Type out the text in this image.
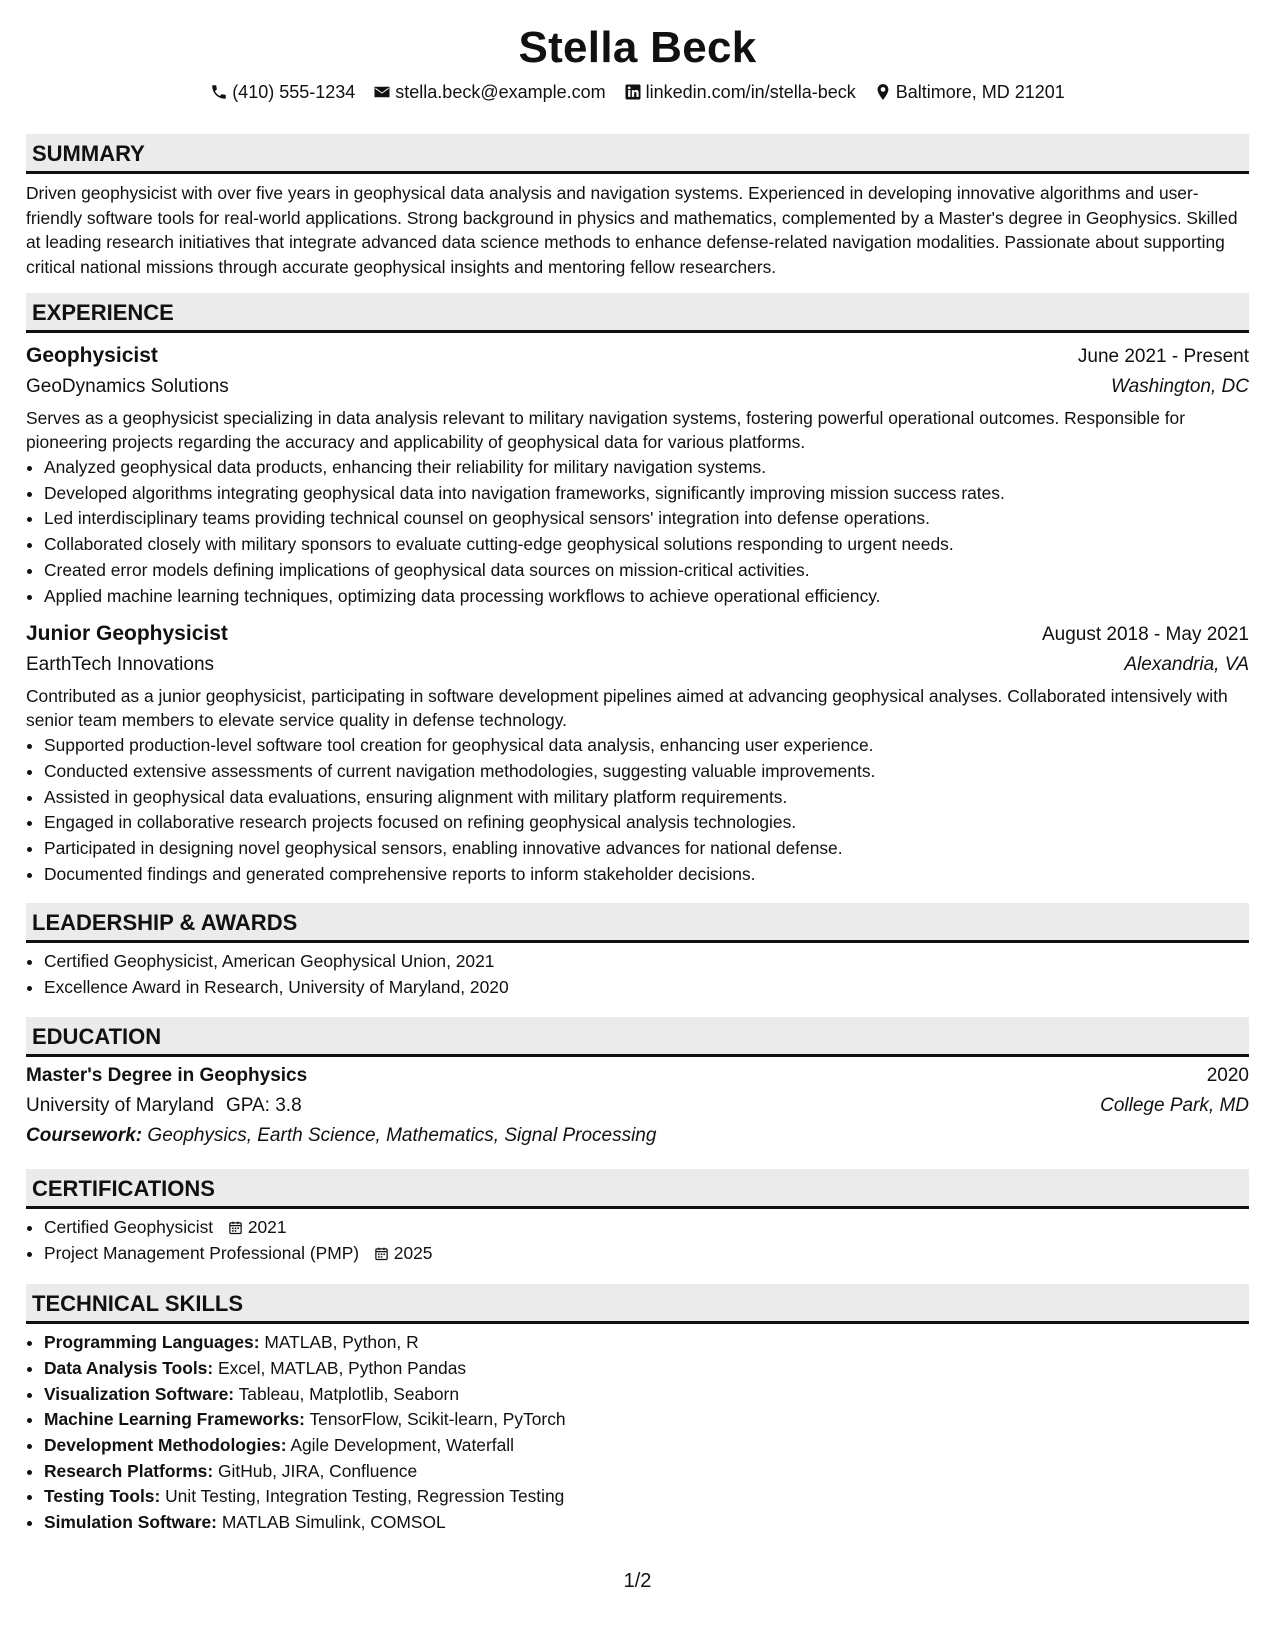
Stella Beck
(410) 555-1234 stella.beck@example.com linkedin.com/in/stella-beck Baltimore, MD 21201
SUMMARY
Driven geophysicist with over five years in geophysical data analysis and navigation systems. Experienced in developing innovative algorithms and user-friendly software tools for real-world applications. Strong background in physics and mathematics, complemented by a Master's degree in Geophysics. Skilled at leading research initiatives that integrate advanced data science methods to enhance defense-related navigation modalities. Passionate about supporting critical national missions through accurate geophysical insights and mentoring fellow researchers.
EXPERIENCE
Geophysicist	June 2021 - Present
GeoDynamics Solutions	Washington, DC
Serves as a geophysicist specializing in data analysis relevant to military navigation systems, fostering powerful operational outcomes. Responsible for pioneering projects regarding the accuracy and applicability of geophysical data for various platforms.
• Analyzed geophysical data products, enhancing their reliability for military navigation systems.
• Developed algorithms integrating geophysical data into navigation frameworks, significantly improving mission success rates.
• Led interdisciplinary teams providing technical counsel on geophysical sensors' integration into defense operations.
• Collaborated closely with military sponsors to evaluate cutting-edge geophysical solutions responding to urgent needs.
• Created error models defining implications of geophysical data sources on mission-critical activities.
• Applied machine learning techniques, optimizing data processing workflows to achieve operational efficiency.
Junior Geophysicist	August 2018 - May 2021
EarthTech Innovations	Alexandria, VA
Contributed as a junior geophysicist, participating in software development pipelines aimed at advancing geophysical analyses. Collaborated intensively with senior team members to elevate service quality in defense technology.
• Supported production-level software tool creation for geophysical data analysis, enhancing user experience.
• Conducted extensive assessments of current navigation methodologies, suggesting valuable improvements.
• Assisted in geophysical data evaluations, ensuring alignment with military platform requirements.
• Engaged in collaborative research projects focused on refining geophysical analysis technologies.
• Participated in designing novel geophysical sensors, enabling innovative advances for national defense.
• Documented findings and generated comprehensive reports to inform stakeholder decisions.
LEADERSHIP & AWARDS
• Certified Geophysicist, American Geophysical Union, 2021
• Excellence Award in Research, University of Maryland, 2020
EDUCATION
Master's Degree in Geophysics	2020
University of Maryland GPA: 3.8	College Park, MD
Coursework: Geophysics, Earth Science, Mathematics, Signal Processing
CERTIFICATIONS
• Certified Geophysicist 2021
• Project Management Professional (PMP) 2025
TECHNICAL SKILLS
• Programming Languages: MATLAB, Python, R
• Data Analysis Tools: Excel, MATLAB, Python Pandas
• Visualization Software: Tableau, Matplotlib, Seaborn
• Machine Learning Frameworks: TensorFlow, Scikit-learn, PyTorch
• Development Methodologies: Agile Development, Waterfall
• Research Platforms: GitHub, JIRA, Confluence
• Testing Tools: Unit Testing, Integration Testing, Regression Testing
• Simulation Software: MATLAB Simulink, COMSOL
1/2
